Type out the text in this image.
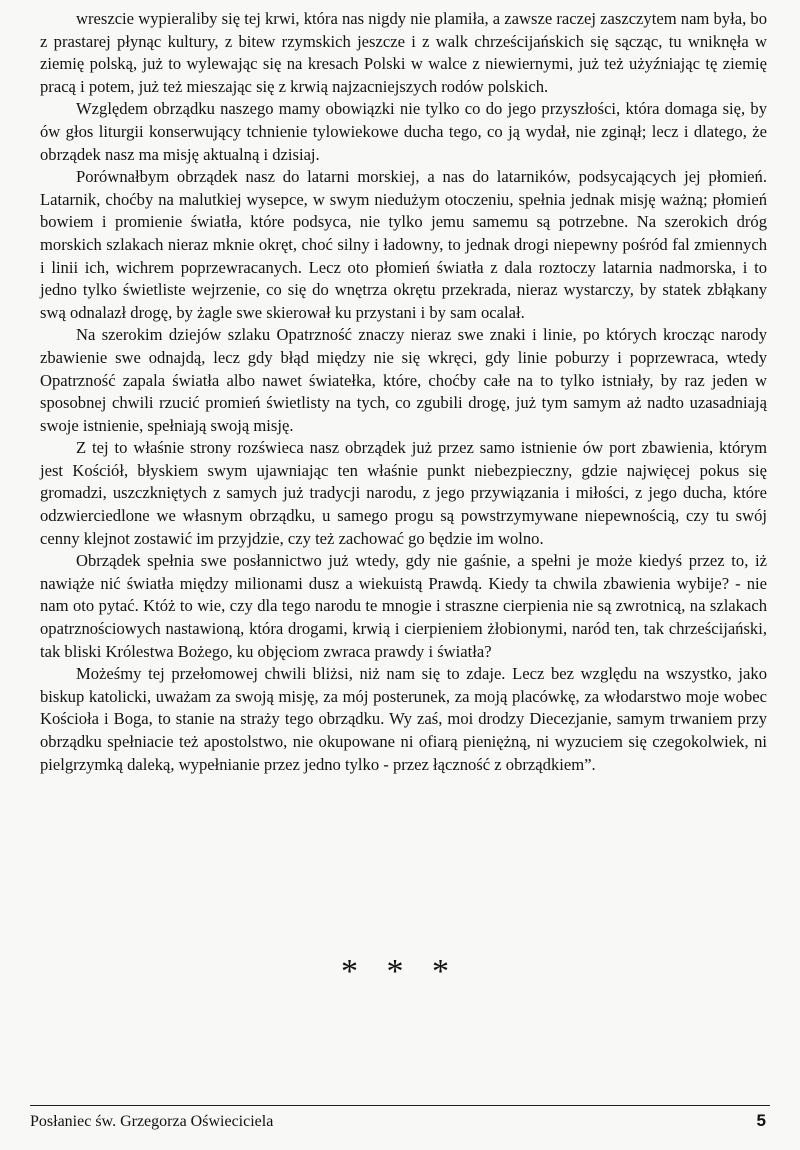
wreszcie wypieraliby się tej krwi, która nas nigdy nie plamiła, a zawsze raczej zaszczytem nam była, bo z prastarej płynąc kultury, z bitew rzymskich jeszcze i z walk chrześcijańskich się sącząc, tu wniknęła w ziemię polską, już to wylewając się na kresach Polski w walce z niewiernymi, już też użyźniając tę ziemię pracą i potem, już też mieszając się z krwią najzacniejszych rodów polskich.

Względem obrządku naszego mamy obowiązki nie tylko co do jego przyszłości, która domaga się, by ów głos liturgii konserwujący tchnienie tylowiekowe ducha tego, co ją wydał, nie zginął; lecz i dlatego, że obrządek nasz ma misję aktualną i dzisiaj.

Porównałbym obrządek nasz do latarni morskiej, a nas do latarników, podsycających jej płomień. Latarnik, choćby na malutkiej wysepce, w swym niedużym otoczeniu, spełnia jednak misję ważną; płomień bowiem i promienie światła, które podsyca, nie tylko jemu samemu są potrzebne. Na szerokich dróg morskich szlakach nieraz mknie okręt, choć silny i ładowny, to jednak drogi niepewny pośród fal zmiennych i linii ich, wichrem poprzewracanych. Lecz oto płomień światła z dala roztoczy latarnia nadmorska, i to jedno tylko świetliste wejrzenie, co się do wnętrza okrętu przekrada, nieraz wystarczy, by statek zbłąkany swą odnalazł drogę, by żagle swe skierował ku przystani i by sam ocalał.

Na szerokim dziejów szlaku Opatrzność znaczy nieraz swe znaki i linie, po których krocząc narody zbawienie swe odnajdą, lecz gdy błąd między nie się wkręci, gdy linie poburzy i poprzewraca, wtedy Opatrzność zapala światła albo nawet światełka, które, choćby całe na to tylko istniały, by raz jeden w sposobnej chwili rzucić promień świetlisty na tych, co zgubili drogę, już tym samym aż nadto uzasadniają swoje istnienie, spełniają swoją misję.

Z tej to właśnie strony rozświeca nasz obrządek już przez samo istnienie ów port zbawienia, którym jest Kościół, błyskiem swym ujawniając ten właśnie punkt niebezpieczny, gdzie najwięcej pokus się gromadzi, uszczkniętych z samych już tradycji narodu, z jego przywiązania i miłości, z jego ducha, które odzwierciedlone we własnym obrządku, u samego progu są powstrzymywane niepewnością, czy tu swój cenny klejnot zostawić im przyjdzie, czy też zachować go będzie im wolno.

Obrządek spełnia swe posłannictwo już wtedy, gdy nie gaśnie, a spełni je może kiedyś przez to, iż nawiąże nić światła między milionami dusz a wiekuistą Prawdą. Kiedy ta chwila zbawienia wybije? - nie nam oto pytać. Któż to wie, czy dla tego narodu te mnogie i straszne cierpienia nie są zwrotnicą, na szlakach opatrznościowych nastawioną, która drogami, krwią i cierpieniem żłobionymi, naród ten, tak chrześcijański, tak bliski Królestwa Bożego, ku objęciom zwraca prawdy i światła?

Możeśmy tej przełomowej chwili bliżsi, niż nam się to zdaje. Lecz bez względu na wszystko, jako biskup katolicki, uważam za swoją misję, za mój posterunek, za moją placówkę, za włodarstwo moje wobec Kościoła i Boga, to stanie na straży tego obrządku. Wy zaś, moi drodzy Diecezjanie, samym trwaniem przy obrządku spełniacie też apostolstwo, nie okupowane ni ofiarą pieniężną, ni wyzuciem się czegokolwiek, ni pielgrzymką daleką, wypełnianie przez jedno tylko - przez łączność z obrządkiem”.

* * *
Posłaniec św. Grzegorza Oświeciciela	5
